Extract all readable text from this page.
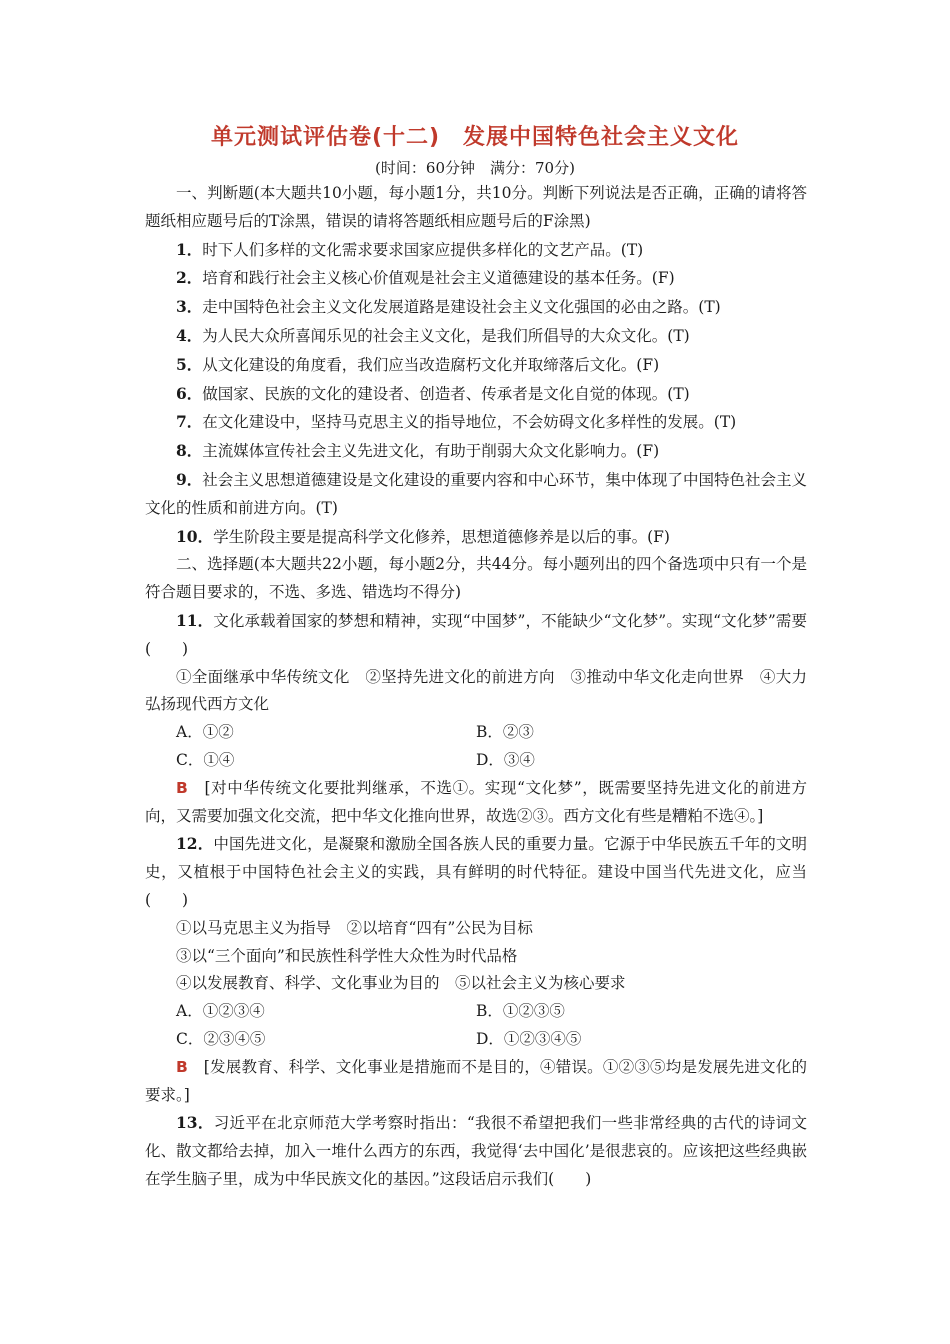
单元测试评估卷(十二)　发展中国特色社会主义文化
(时间：60分钟　满分：70分)

一、判断题(本大题共10小题，每小题1分，共10分。判断下列说法是否正确，正确的请将答题纸相应题号后的T涂黑，错误的请将答题纸相应题号后的F涂黑)

1．时下人们多样的文化需求要求国家应提供多样化的文艺产品。(T)

2．培育和践行社会主义核心价值观是社会主义道德建设的基本任务。(F)

3．走中国特色社会主义文化发展道路是建设社会主义文化强国的必由之路。(T)

4．为人民大众所喜闻乐见的社会主义文化，是我们所倡导的大众文化。(T)

5．从文化建设的角度看，我们应当改造腐朽文化并取缔落后文化。(F)

6．做国家、民族的文化的建设者、创造者、传承者是文化自觉的体现。(T)

7．在文化建设中，坚持马克思主义的指导地位，不会妨碍文化多样性的发展。(T)

8．主流媒体宣传社会主义先进文化，有助于削弱大众文化影响力。(F)

9．社会主义思想道德建设是文化建设的重要内容和中心环节，集中体现了中国特色社会主义文化的性质和前进方向。(T)

10．学生阶段主要是提高科学文化修养，思想道德修养是以后的事。(F)

二、选择题(本大题共22小题，每小题2分，共44分。每小题列出的四个备选项中只有一个是符合题目要求的，不选、多选、错选均不得分)

11．文化承载着国家的梦想和精神，实现“中国梦”，不能缺少“文化梦”。实现“文化梦”需要(　　)

①全面继承中华传统文化　②坚持先进文化的前进方向　③推动中华文化走向世界　④大力弘扬现代西方文化

A．①②	B．②③
C．①④	D．③④

B　 [对中华传统文化要批判继承，不选①。实现“文化梦”，既需要坚持先进文化的前进方向，又需要加强文化交流，把中华文化推向世界，故选②③。西方文化有些是糟粕不选④。]

12．中国先进文化，是凝聚和激励全国各族人民的重要力量。它源于中华民族五千年的文明史，又植根于中国特色社会主义的实践，具有鲜明的时代特征。建设中国当代先进文化，应当(　　)

①以马克思主义为指导　②以培育“四有”公民为目标

③以“三个面向”和民族性科学性大众性为时代品格

④以发展教育、科学、文化事业为目的　⑤以社会主义为核心要求

A．①②③④	B．①②③⑤
C．②③④⑤	D．①②③④⑤

B　 [发展教育、科学、文化事业是措施而不是目的，④错误。①②③⑤均是发展先进文化的要求。]

13．习近平在北京师范大学考察时指出：“我很不希望把我们一些非常经典的古代的诗词文化、散文都给去掉，加入一堆什么西方的东西，我觉得‘去中国化’是很悲哀的。应该把这些经典嵌在学生脑子里，成为中华民族文化的基因。”这段话启示我们(　　)
